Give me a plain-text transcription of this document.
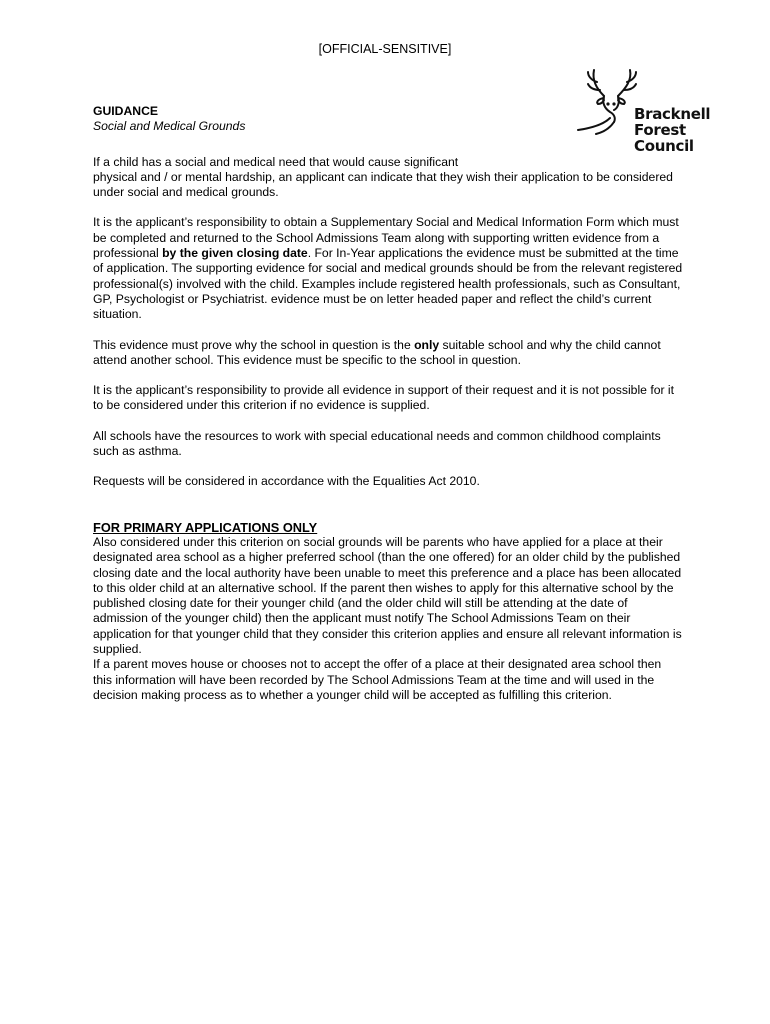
[OFFICIAL-SENSITIVE]
Bracknell
Forest
Council
GUIDANCE
Social and Medical Grounds

If a child has a social and medical need that would cause significant

physical and / or mental hardship, an applicant can indicate that they wish their application to be considered under social and medical grounds.

It is the applicant’s responsibility to obtain a Supplementary Social and Medical Information Form which must be completed and returned to the School Admissions Team along with supporting written evidence from a professional by the given closing date. For In-Year applications the evidence must be submitted at the time of application. The supporting evidence for social and medical grounds should be from the relevant registered professional(s) involved with the child. Examples include registered health professionals, such as Consultant, GP, Psychologist or Psychiatrist. evidence must be on letter headed paper and reflect the child’s current situation.

This evidence must prove why the school in question is the only suitable school and why the child cannot attend another school. This evidence must be specific to the school in question.

It is the applicant’s responsibility to provide all evidence in support of their request and it is not possible for it to be considered under this criterion if no evidence is supplied.

All schools have the resources to work with special educational needs and common childhood complaints such as asthma.

Requests will be considered in accordance with the Equalities Act 2010.

FOR PRIMARY APPLICATIONS ONLY

Also considered under this criterion on social grounds will be parents who have applied for a place at their designated area school as a higher preferred school (than the one offered) for an older child by the published closing date and the local authority have been unable to meet this preference and a place has been allocated to this older child at an alternative school. If the parent then wishes to apply for this alternative school by the published closing date for their younger child (and the older child will still be attending at the date of admission of the younger child) then the applicant must notify The School Admissions Team on their application for that younger child that they consider this criterion applies and ensure all relevant information is supplied.

If a parent moves house or chooses not to accept the offer of a place at their designated area school then this information will have been recorded by The School Admissions Team at the time and will used in the decision making process as to whether a younger child will be accepted as fulfilling this criterion.
